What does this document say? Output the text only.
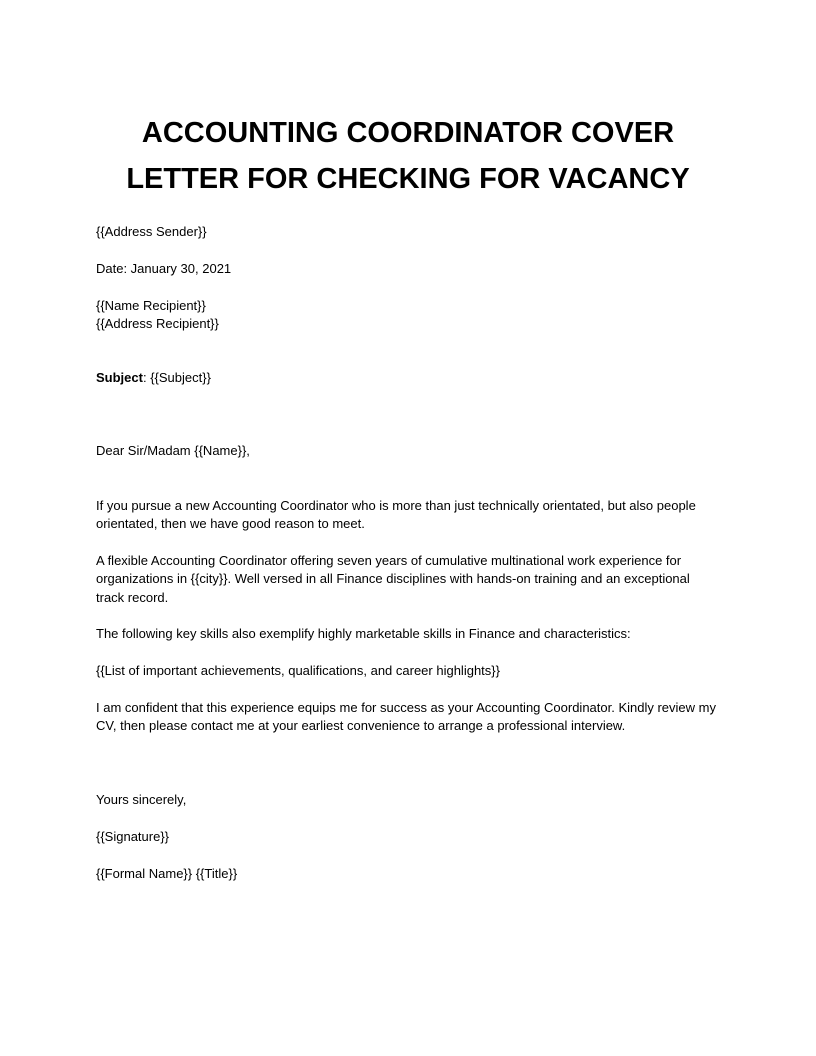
ACCOUNTING COORDINATOR COVER
LETTER FOR CHECKING FOR VACANCY
{{Address Sender}}
Date: January 30, 2021
{{Name Recipient}}
{{Address Recipient}}
Subject: {{Subject}}
Dear Sir/Madam {{Name}},
If you pursue a new Accounting Coordinator who is more than just technically orientated, but also people orientated, then we have good reason to meet.
A flexible Accounting Coordinator offering seven years of cumulative multinational work experience for organizations in {{city}}. Well versed in all Finance disciplines with hands-on training and an exceptional track record.
The following key skills also exemplify highly marketable skills in Finance and characteristics:
{{List of important achievements, qualifications, and career highlights}}
I am confident that this experience equips me for success as your Accounting Coordinator. Kindly review my CV, then please contact me at your earliest convenience to arrange a professional interview.
Yours sincerely,
{{Signature}}
{{Formal Name}} {{Title}}
